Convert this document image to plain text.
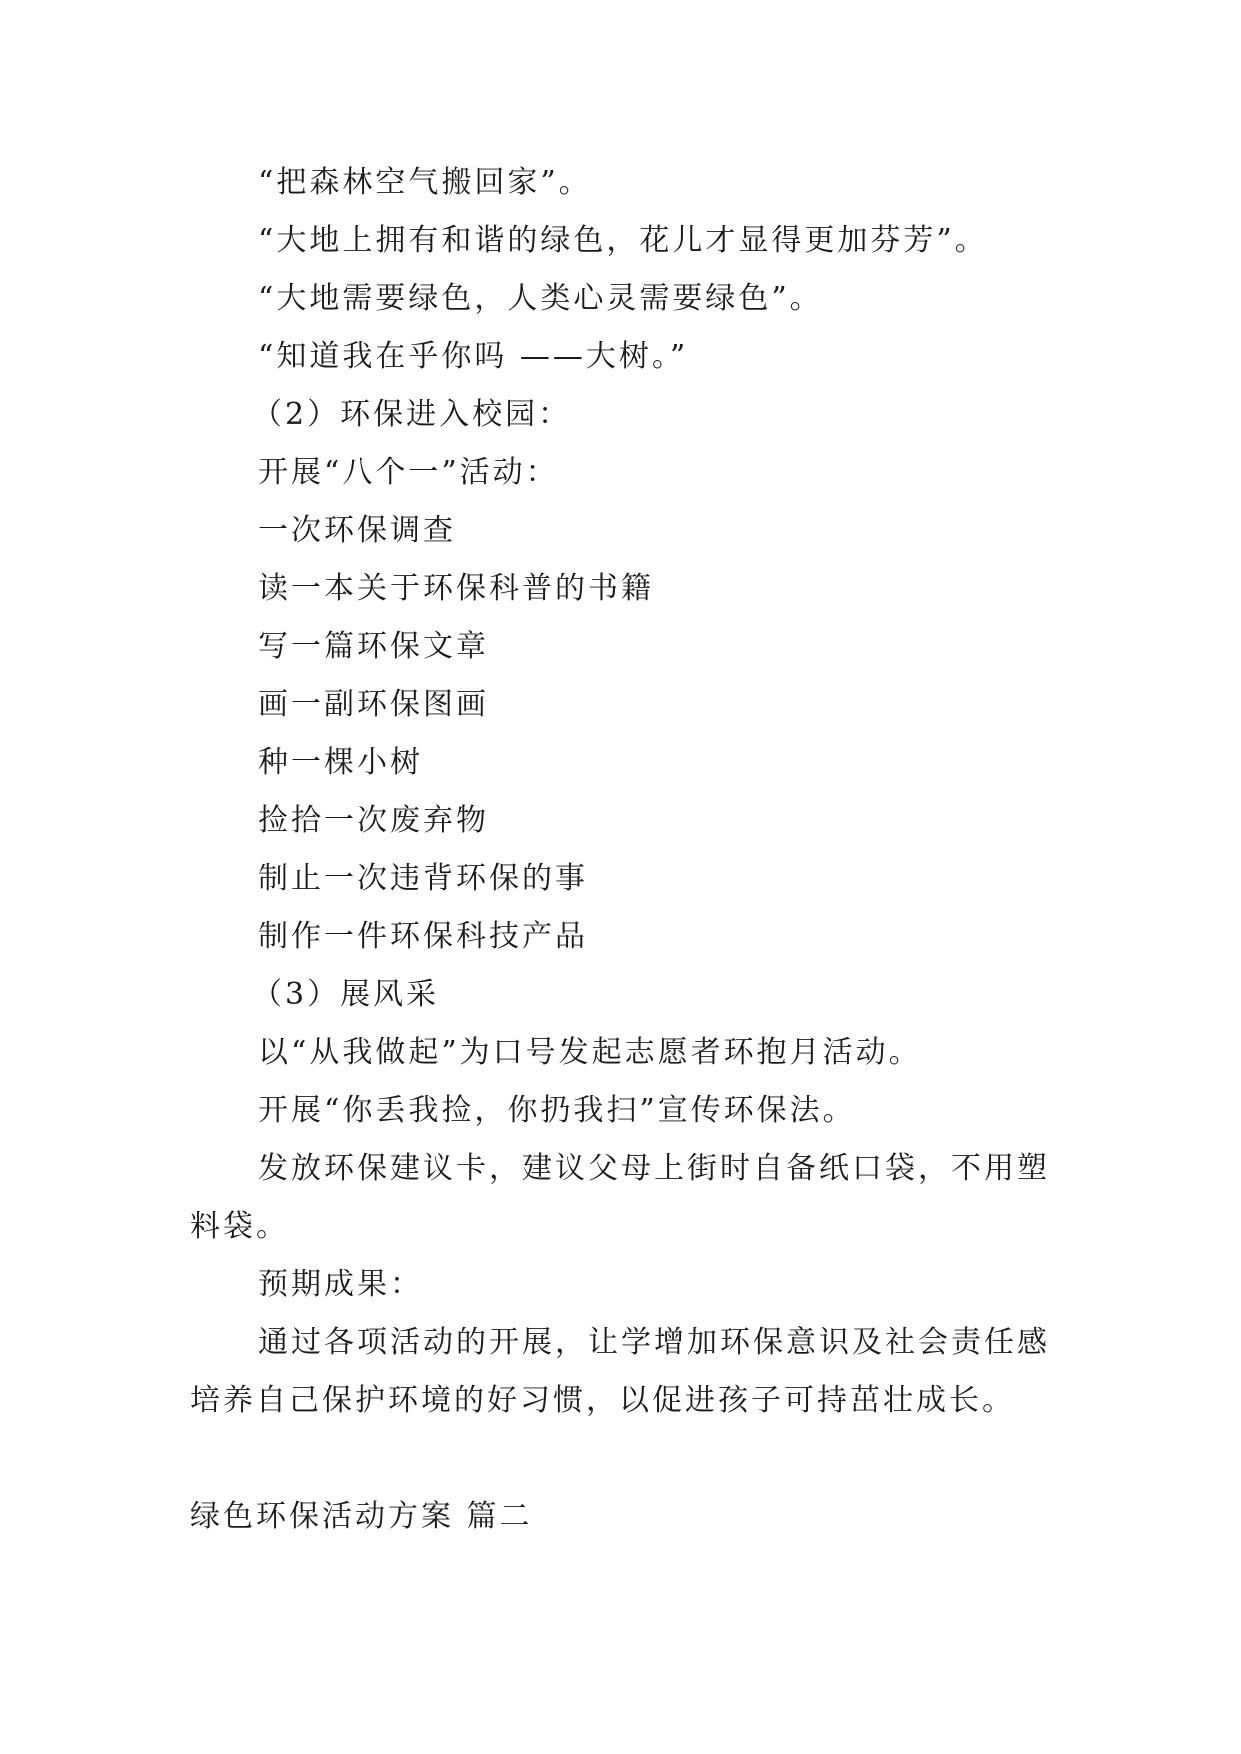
“把森林空气搬回家”。
“大地上拥有和谐的绿色，花儿才显得更加芬芳”。
“大地需要绿色，人类心灵需要绿色”。
“知道我在乎你吗 ——大树。”
（2）环保进入校园：
开展“八个一”活动：
一次环保调查
读一本关于环保科普的书籍
写一篇环保文章
画一副环保图画
种一棵小树
捡拾一次废弃物
制止一次违背环保的事
制作一件环保科技产品
（3）展风采
以“从我做起”为口号发起志愿者环抱月活动。
开展“你丢我捡，你扔我扫”宣传环保法。
发放环保建议卡，建议父母上街时自备纸口袋，不用塑
料袋。
预期成果：
通过各项活动的开展，让学增加环保意识及社会责任感
培养自己保护环境的好习惯，以促进孩子可持茁壮成长。
绿色环保活动方案 篇二
